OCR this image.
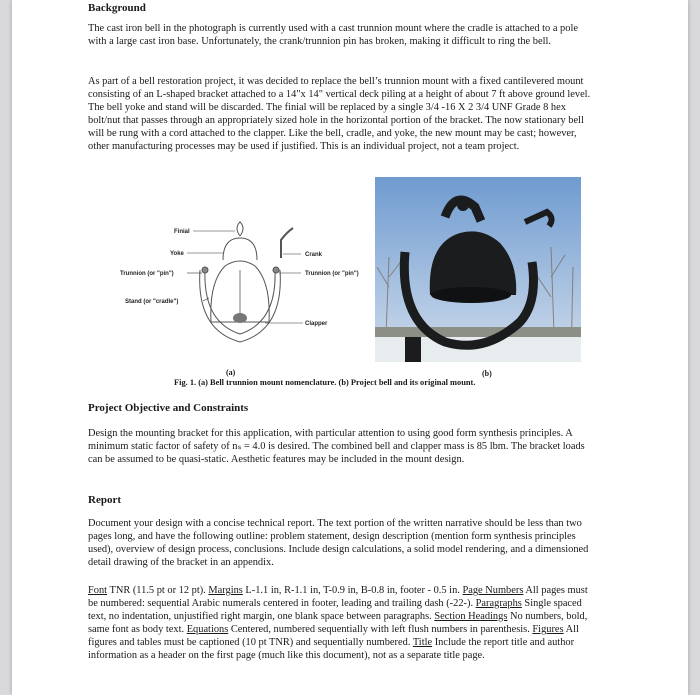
Background

The cast iron bell in the photograph is currently used with a cast trunnion mount where the cradle is attached to a pole with a large cast iron base. Unfortunately, the crank/trunnion pin has broken, making it difficult to ring the bell.

As part of a bell restoration project, it was decided to replace the bell’s trunnion mount with a fixed cantilevered mount consisting of an L-shaped bracket attached to a 14"x 14" vertical deck piling at a height of about 7 ft above ground level. The bell yoke and stand will be discarded. The finial will be replaced by a single 3/4 -16 X 2 3/4 UNF Grade 8 hex bolt/nut that passes through an appropriately sized hole in the horizontal portion of the bracket. The now stationary bell will be rung with a cord attached to the clapper. Like the bell, cradle, and yoke, the new mount may be cast; however, other manufacturing processes may be used if justified. This is an individual project, not a team project.

Finial
Yoke
Trunnion (or "pin")
Stand (or "cradle")
Crank
Trunnion (or "pin")
Clapper
(a)	(b)
Fig. 1. (a) Bell trunnion mount nomenclature. (b) Project bell and its original mount.
Project Objective and Constraints

Design the mounting bracket for this application, with particular attention to using good form synthesis principles. A minimum static factor of safety of nₛ = 4.0 is desired. The combined bell and clapper mass is 85 lbm. The bracket loads can be assumed to be quasi-static. Aesthetic features may be included in the mount design.

Report

Document your design with a concise technical report. The text portion of the written narrative should be less than two pages long, and have the following outline: problem statement, design description (mention form synthesis principles used), overview of design process, conclusions. Include design calculations, a solid model rendering, and a dimensioned detail drawing of the bracket in an appendix.

Font TNR (11.5 pt or 12 pt). Margins L-1.1 in, R-1.1 in, T-0.9 in, B-0.8 in, footer - 0.5 in. Page Numbers All pages must be numbered: sequential Arabic numerals centered in footer, leading and trailing dash (-22-). Paragraphs Single spaced text, no indentation, unjustified right margin, one blank space between paragraphs. Section Headings No numbers, bold, same font as body text. Equations Centered, numbered sequentially with left flush numbers in parenthesis. Figures All figures and tables must be captioned (10 pt TNR) and sequentially numbered. Title Include the report title and author information as a header on the first page (much like this document), not as a separate title page.
